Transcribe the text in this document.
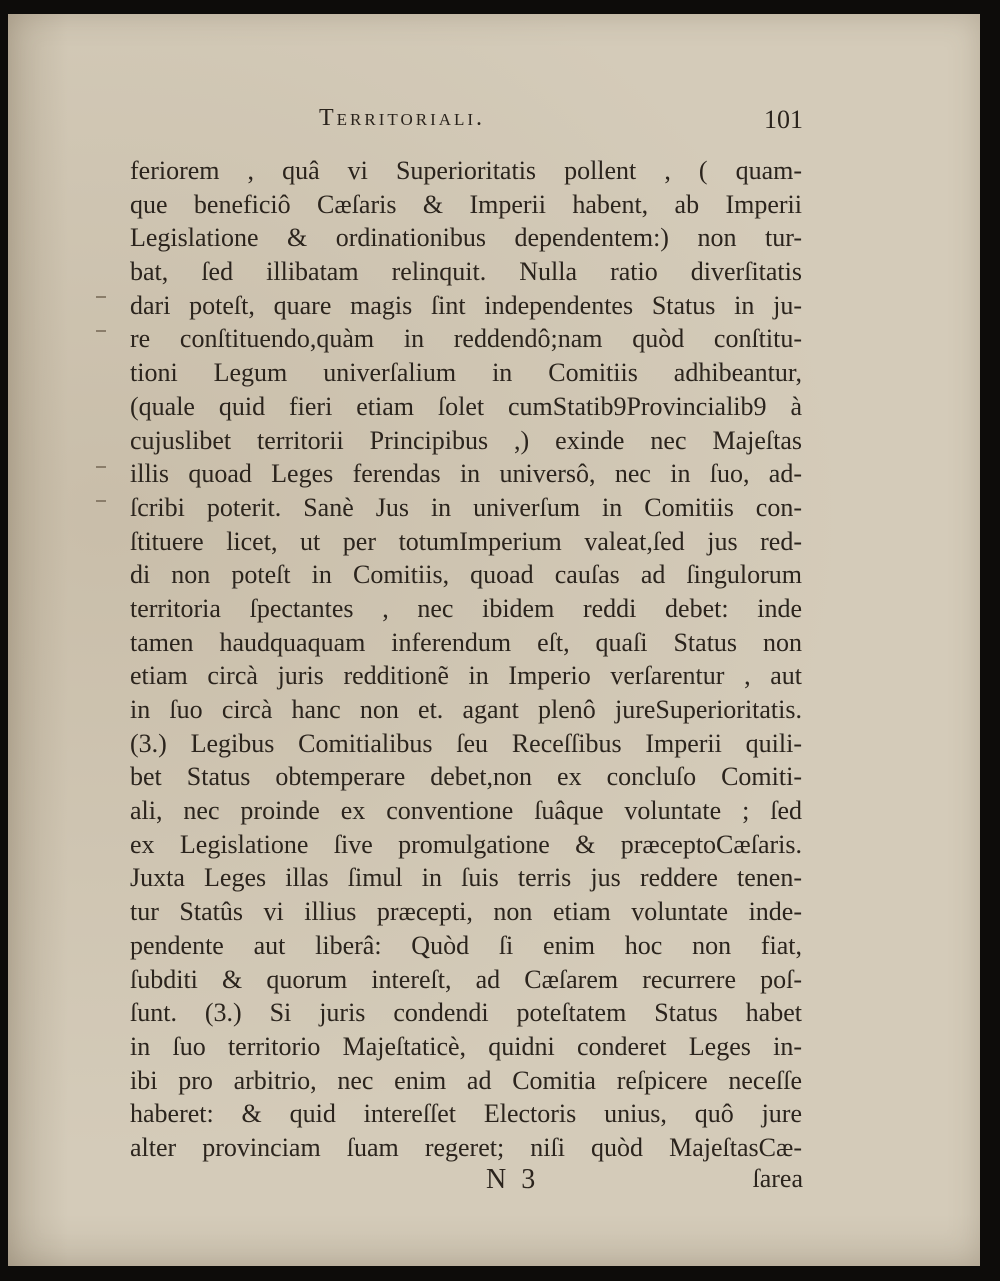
Territoriali.	101
feriorem , quâ vi Superioritatis pollent , ( quam-
que beneficiô Cæſaris & Imperii habent, ab Imperii
Legislatione & ordinationibus dependentem:) non tur-
bat, ſed illibatam relinquit. Nulla ratio diverſitatis
dari poteſt, quare magis ſint independentes Status in ju-
re conſtituendo,quàm in reddendô;nam quòd conſtitu-
tioni Legum univerſalium in Comitiis adhibeantur,
(quale quid fieri etiam ſolet cumStatib9Provincialib9 à
cujuslibet territorii Principibus ,) exinde nec Majeſtas
illis quoad Leges ferendas in universô, nec in ſuo, ad-
ſcribi poterit. Sanè Jus in univerſum in Comitiis con-
ſtituere licet, ut per totumImperium valeat,ſed jus red-
di non poteſt in Comitiis, quoad cauſas ad ſingulorum
territoria ſpectantes , nec ibidem reddi debet: inde
tamen haudquaquam inferendum eſt, quaſi Status non
etiam circà juris redditionẽ in Imperio verſarentur , aut
in ſuo circà hanc non et. agant plenô jureSuperioritatis.
(3.) Legibus Comitialibus ſeu Receſſibus Imperii quili-
bet Status obtemperare debet,non ex concluſo Comiti-
ali, nec proinde ex conventione ſuâque voluntate ; ſed
ex Legislatione ſive promulgatione & præceptoCæſaris.
Juxta Leges illas ſimul in ſuis terris jus reddere tenen-
tur Statûs vi illius præcepti, non etiam voluntate inde-
pendente aut liberâ: Quòd ſi enim hoc non fiat,
ſubditi & quorum intereſt, ad Cæſarem recurrere poſ-
ſunt. (3.) Si juris condendi poteſtatem Status habet
in ſuo territorio Majeſtaticè, quidni conderet Leges in-
ibi pro arbitrio, nec enim ad Comitia reſpicere neceſſe
haberet: & quid intereſſet Electoris unius, quô jure
alter provinciam ſuam regeret; niſi quòd MajeſtasCæ-
N 3	ſarea
